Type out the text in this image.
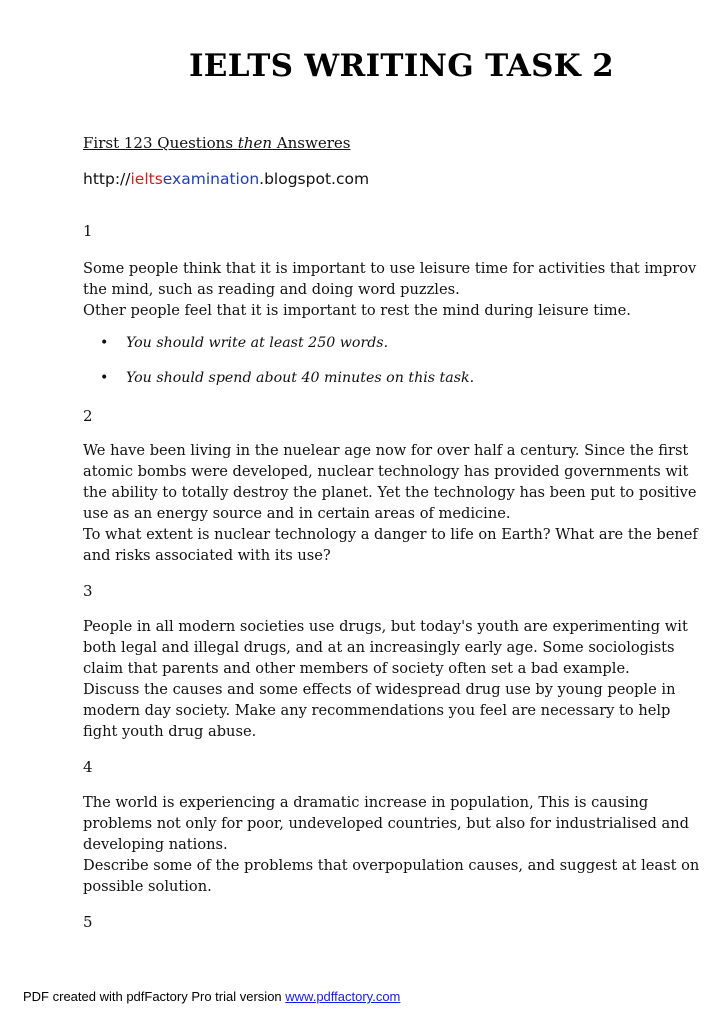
IELTS WRITING TASK 2
First 123 Questions then Answeres
http://ieltsexamination.blogspot.com
1
Some people think that it is important to use leisure time for activities that improv
the mind, such as reading and doing word puzzles.
Other people feel that it is important to rest the mind during leisure time.
• You should write at least 250 words.
• You should spend about 40 minutes on this task.
2
We have been living in the nuelear age now for over half a century. Since the first
atomic bombs were developed, nuclear technology has provided governments wit
the ability to totally destroy the planet. Yet the technology has been put to positive
use as an energy source and in certain areas of medicine.
To what extent is nuclear technology a danger to life on Earth? What are the benef
and risks associated with its use?
3
People in all modern societies use drugs, but today's youth are experimenting wit
both legal and illegal drugs, and at an increasingly early age. Some sociologists
claim that parents and other members of society often set a bad example.
Discuss the causes and some effects of widespread drug use by young people in
modern day society. Make any recommendations you feel are necessary to help
fight youth drug abuse.
4
The world is experiencing a dramatic increase in population, This is causing
problems not only for poor, undeveloped countries, but also for industrialised and
developing nations.
Describe some of the problems that overpopulation causes, and suggest at least on
possible solution.
5
PDF created with pdfFactory Pro trial version www.pdffactory.com
